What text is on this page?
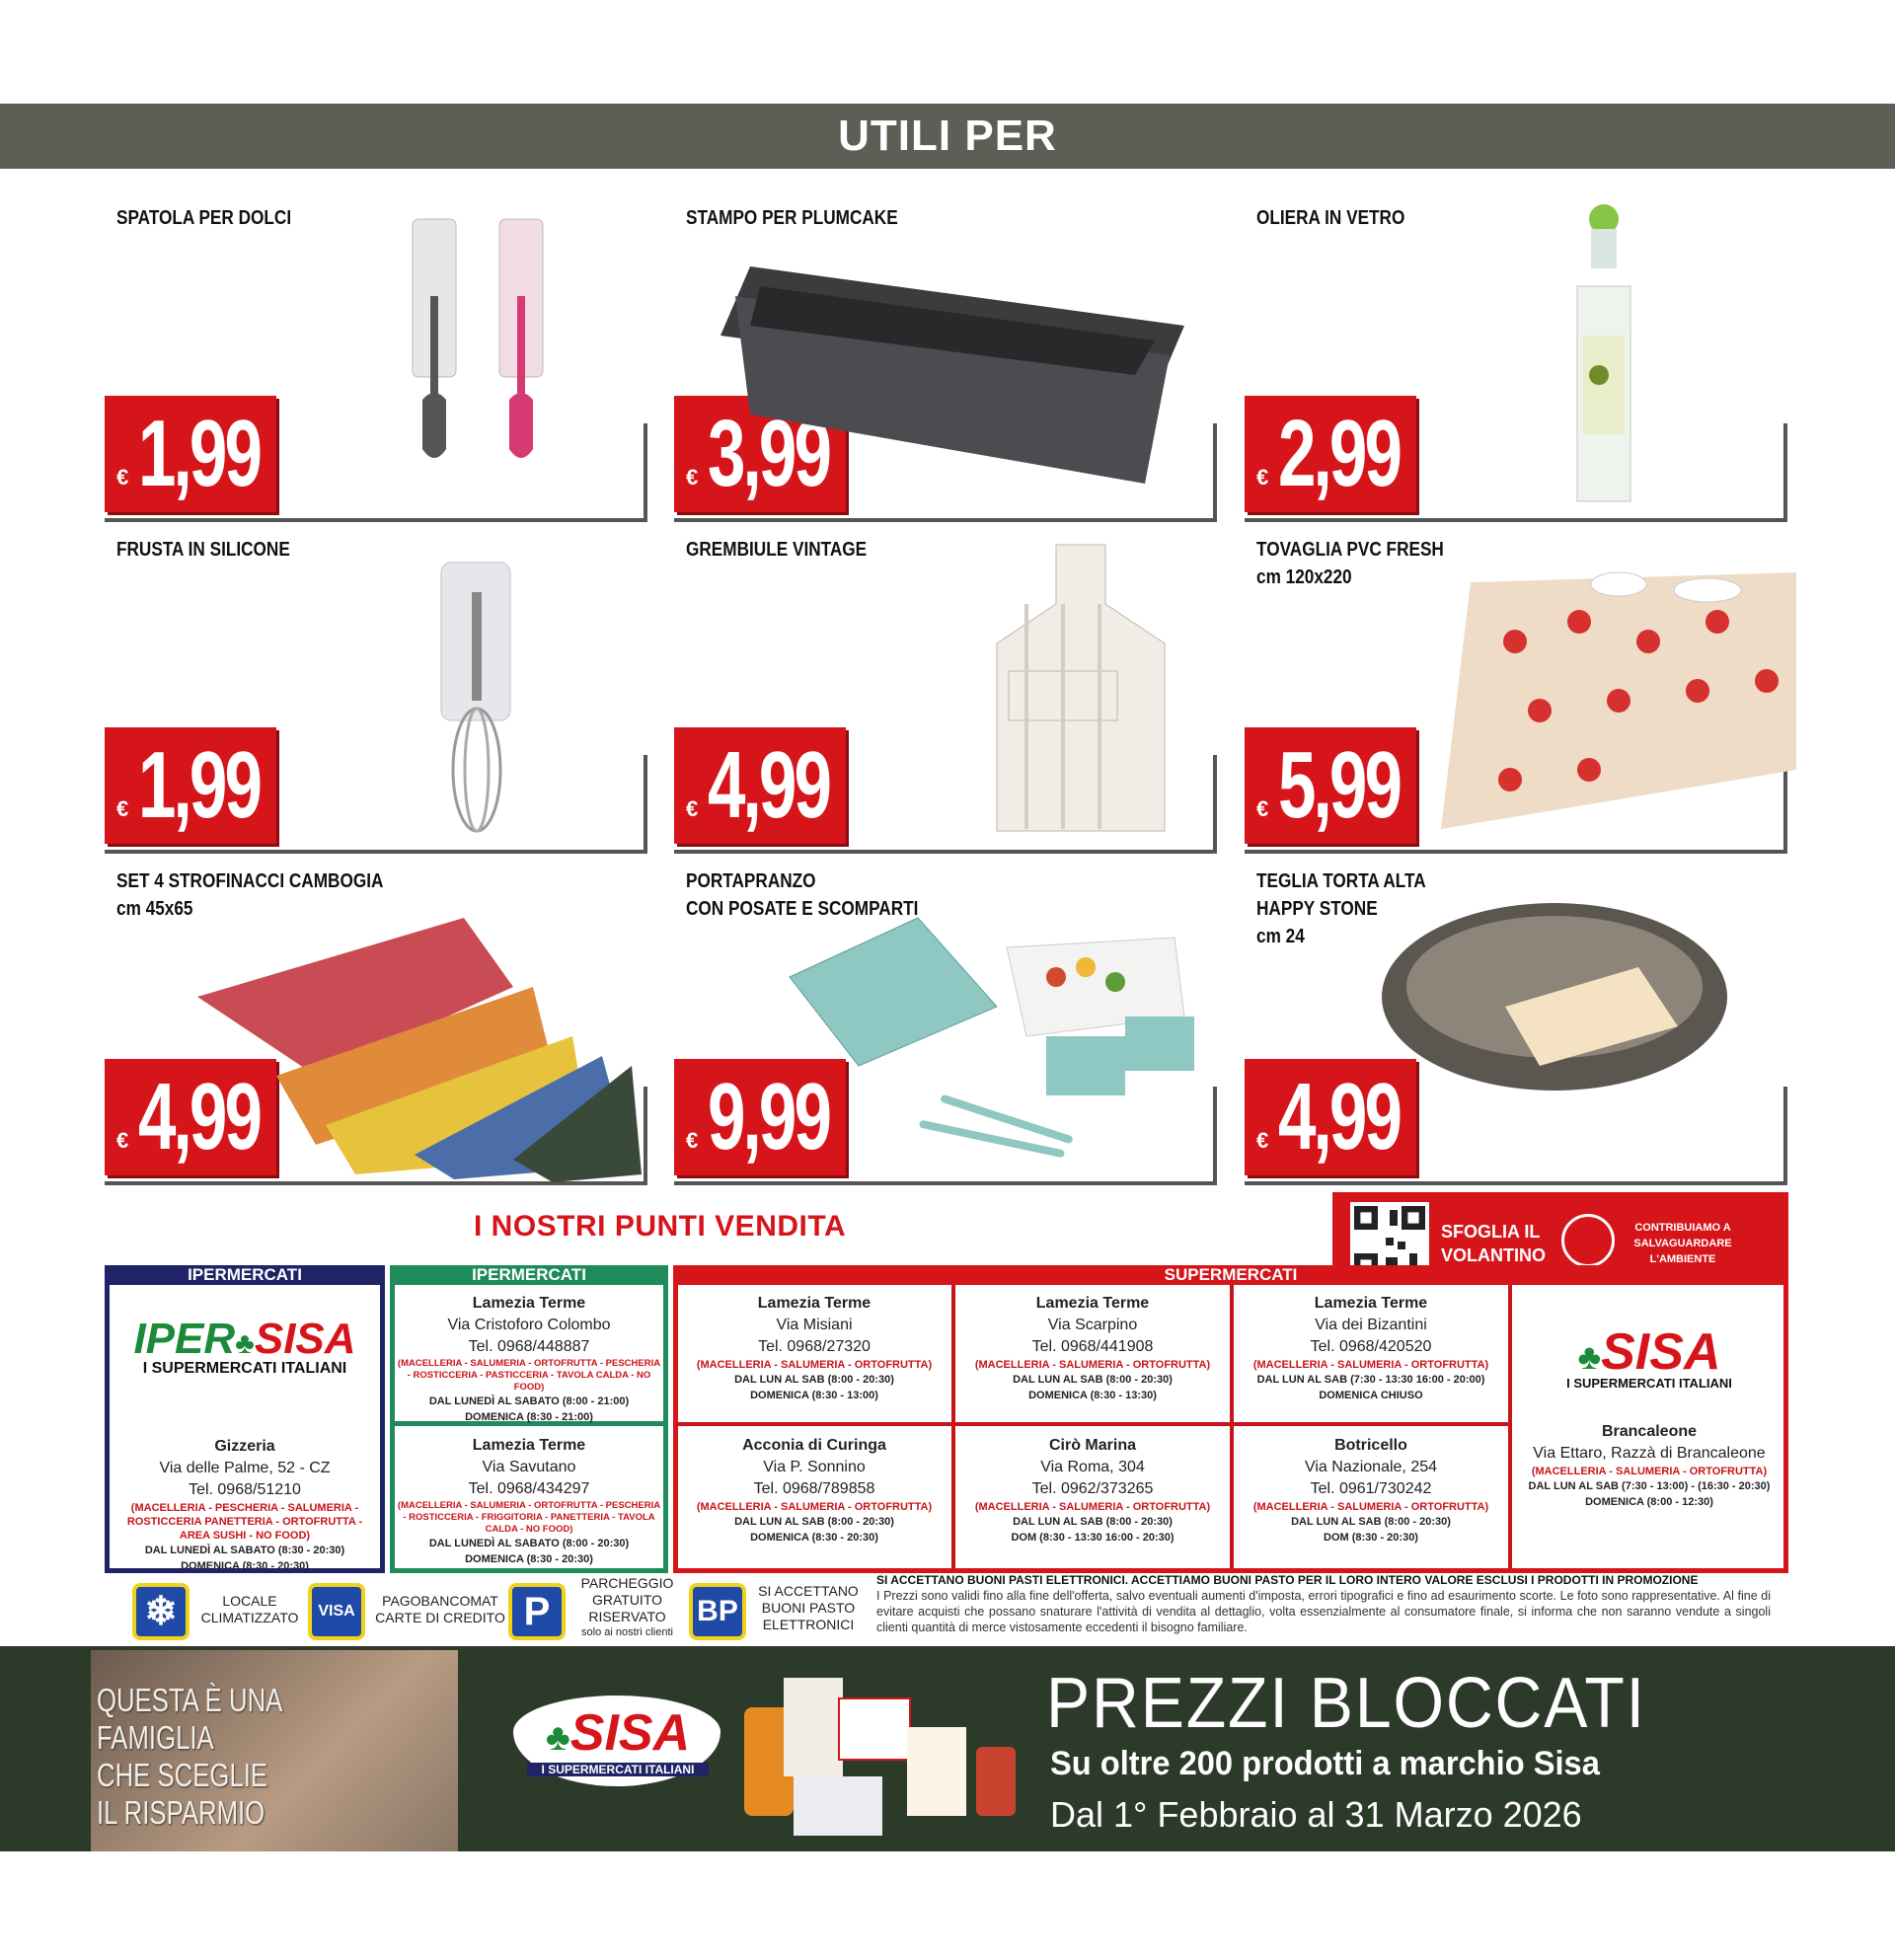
UTILI PER
SPATOLA PER DOLCI
€ 1,99
STAMPO PER PLUMCAKE
€ 3,99
OLIERA IN VETRO
€ 2,99
FRUSTA IN SILICONE
€ 1,99
GREMBIULE VINTAGE
€ 4,99
TOVAGLIA PVC FRESH
cm 120x220
€ 5,99
SET 4 STROFINACCI CAMBOGIA
cm 45x65
€ 4,99
PORTAPRANZO
CON POSATE E SCOMPARTI
€ 9,99
TEGLIA TORTA ALTA
HAPPY STONE
cm 24
€ 4,99
I NOSTRI PUNTI VENDITA	SFOGLIA IL
VOLANTINO
CONTRIBUIAMO A
SALVAGUARDARE
L'AMBIENTE
IPERMERCATI
IPER♣SISA
I SUPERMERCATI ITALIANI
Gizzeria
Via delle Palme, 52 - CZ
Tel. 0968/51210
(MACELLERIA - PESCHERIA - SALUMERIA - ROSTICCERIA PANETTERIA - ORTOFRUTTA - AREA SUSHI - NO FOOD)
DAL LUNEDÌ AL SABATO (8:30 - 20:30)
DOMENICA (8:30 - 20:30)
IPERMERCATI
Lamezia Terme
Via Cristoforo Colombo
Tel. 0968/448887
(MACELLERIA - SALUMERIA - ORTOFRUTTA - PESCHERIA - ROSTICCERIA - PASTICCERIA - TAVOLA CALDA - NO FOOD)
DAL LUNEDÌ AL SABATO (8:00 - 21:00)
DOMENICA (8:30 - 21:00)
Lamezia Terme
Via Savutano
Tel. 0968/434297
(MACELLERIA - SALUMERIA - ORTOFRUTTA - PESCHERIA - ROSTICCERIA - FRIGGITORIA - PANETTERIA - TAVOLA CALDA - NO FOOD)
DAL LUNEDÌ AL SABATO (8:00 - 20:30)
DOMENICA (8:30 - 20:30)
SUPERMERCATI
Lamezia Terme
Via Misiani
Tel. 0968/27320
(MACELLERIA - SALUMERIA - ORTOFRUTTA)
DAL LUN AL SAB (8:00 - 20:30)
DOMENICA (8:30 - 13:00)
Lamezia Terme
Via Scarpino
Tel. 0968/441908
(MACELLERIA - SALUMERIA - ORTOFRUTTA)
DAL LUN AL SAB (8:00 - 20:30)
DOMENICA (8:30 - 13:30)
Lamezia Terme
Via dei Bizantini
Tel. 0968/420520
(MACELLERIA - SALUMERIA - ORTOFRUTTA)
DAL LUN AL SAB (7:30 - 13:30 16:00 - 20:00)
DOMENICA CHIUSO
Acconia di Curinga
Via P. Sonnino
Tel. 0968/789858
(MACELLERIA - SALUMERIA - ORTOFRUTTA)
DAL LUN AL SAB (8:00 - 20:30)
DOMENICA (8:30 - 20:30)
Cirò Marina
Via Roma, 304
Tel. 0962/373265
(MACELLERIA - SALUMERIA - ORTOFRUTTA)
DAL LUN AL SAB (8:00 - 20:30)
DOM (8:30 - 13:30 16:00 - 20:30)
Botricello
Via Nazionale, 254
Tel. 0961/730242
(MACELLERIA - SALUMERIA - ORTOFRUTTA)
DAL LUN AL SAB (8:00 - 20:30)
DOM (8:30 - 20:30)
♣SISA
I SUPERMERCATI ITALIANI
Brancaleone
Via Ettaro, Razzà di Brancaleone
(MACELLERIA - SALUMERIA - ORTOFRUTTA)
DAL LUN AL SAB (7:30 - 13:00) - (16:30 - 20:30)
DOMENICA (8:00 - 12:30)
❄	LOCALE
CLIMATIZZATO	VISA
PAGOBANCOMAT
CARTE DI CREDITO P
PARCHEGGIO
GRATUITO
RISERVATO
solo ai nostri clienti
BP
SI ACCETTANO
BUONI PASTO
ELETTRONICI
SI ACCETTANO BUONI PASTI ELETTRONICI. ACCETTIAMO BUONI PASTO PER IL LORO INTERO VALORE ESCLUSI I PRODOTTI IN PROMOZIONE
I Prezzi sono validi fino alla fine dell'offerta, salvo eventuali aumenti d'imposta, errori tipografici e fino ad esaurimento scorte. Le foto sono rappresentative. Al fine di evitare acquisti che possano snaturare l'attività di vendita al dettaglio, volta essenzialmente al consumatore finale, si informa che non saranno vendute a singoli clienti quantità di merce vistosamente eccedenti il bisogno familiare.
QUESTA È UNA
FAMIGLIA
CHE SCEGLIE
IL RISPARMIO
♣SISA
I SUPERMERCATI ITALIANI
PREZZI BLOCCATI
Su oltre 200 prodotti a marchio Sisa
Dal 1° Febbraio al 31 Marzo 2026
